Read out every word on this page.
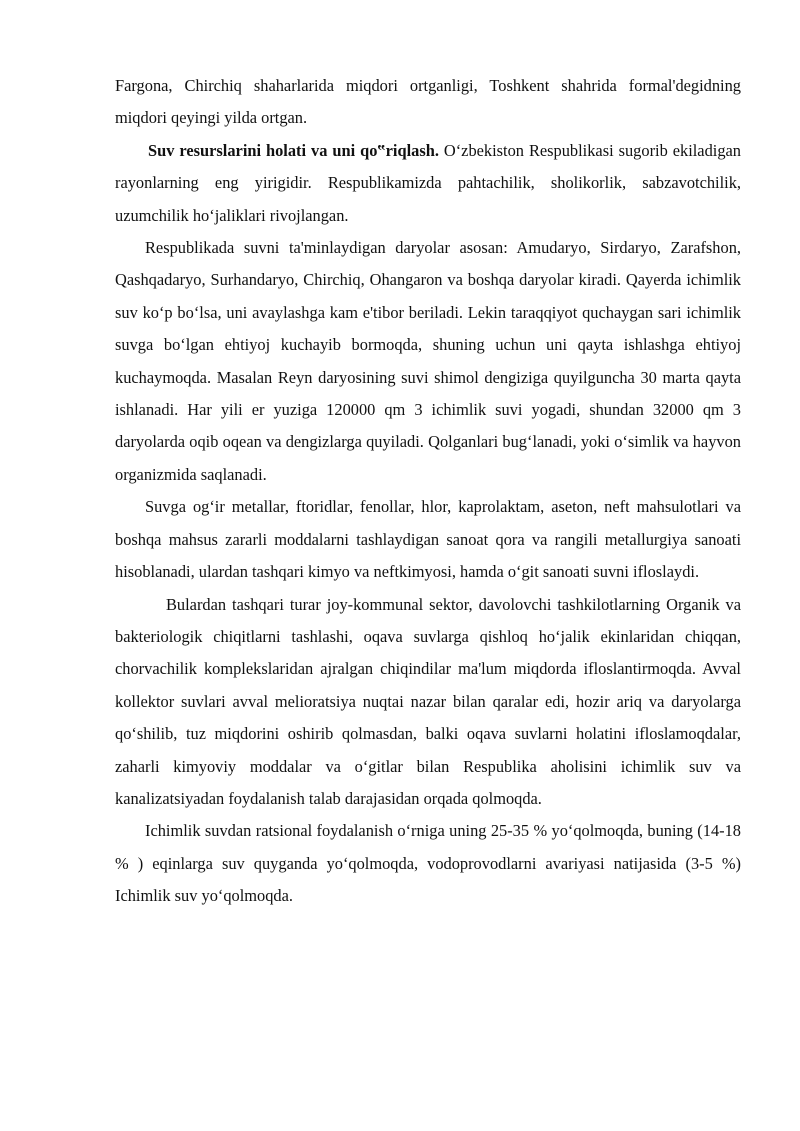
Fargona, Chirchiq shaharlarida miqdori ortganligi, Toshkent shahrida formal'degidning miqdori qeyingi yilda ortgan.

Suv resurslarini holati va uni qo‟riqlash. O‘zbekiston Respublikasi sugorib ekiladigan rayonlarning eng yirigidir. Respublikamizda pahtachilik, sholikorlik, sabzavotchilik, uzumchilik ho‘jaliklari rivojlangan.

Respublikada suvni ta'minlaydigan daryolar asosan: Amudaryo, Sirdaryo, Zarafshon, Qashqadaryo, Surhandaryo, Chirchiq, Ohangaron va boshqa daryolar kiradi. Qayerda ichimlik suv ko‘p bo‘lsa, uni avaylashga kam e'tibor beriladi. Lekin taraqqiyot quchaygan sari ichimlik suvga bo‘lgan ehtiyoj kuchayib bormoqda, shuning uchun uni qayta ishlashga ehtiyoj kuchaymoqda. Masalan Reyn daryosining suvi shimol dengiziga quyilguncha 30 marta qayta ishlanadi. Har yili er yuziga 120000 qm 3 ichimlik suvi yogadi, shundan 32000 qm 3 daryolarda oqib oqean va dengizlarga quyiladi. Qolganlari bug‘lanadi, yoki o‘simlik va hayvon organizmida saqlanadi.

Suvga og‘ir metallar, ftoridlar, fenollar, hlor, kaprolaktam, aseton, neft mahsulotlari va boshqa mahsus zararli moddalarni tashlaydigan sanoat qora va rangili metallurgiya sanoati hisoblanadi, ulardan tashqari kimyo va neftkimyosi, hamda o‘git sanoati suvni ifloslaydi.

Bulardan tashqari turar joy-kommunal sektor, davolovchi tashkilotlarning Organik va bakteriologik chiqitlarni tashlashi, oqava suvlarga qishloq ho‘jalik ekinlaridan chiqqan, chorvachilik komplekslaridan ajralgan chiqindilar ma'lum miqdorda ifloslantirmoqda. Avval kollektor suvlari avval melioratsiya nuqtai nazar bilan qaralar edi, hozir ariq va daryolarga qo‘shilib, tuz miqdorini oshirib qolmasdan, balki oqava suvlarni holatini ifloslamoqdalar, zaharli kimyoviy moddalar va o‘gitlar bilan Respublika aholisini ichimlik suv va kanalizatsiyadan foydalanish talab darajasidan orqada qolmoqda.

Ichimlik suvdan ratsional foydalanish o‘rniga uning 25-35 % yo‘qolmoqda, buning (14-18 % ) eqinlarga suv quyganda yo‘qolmoqda, vodoprovodlarni avariyasi natijasida (3-5 %) Ichimlik suv yo‘qolmoqda.
